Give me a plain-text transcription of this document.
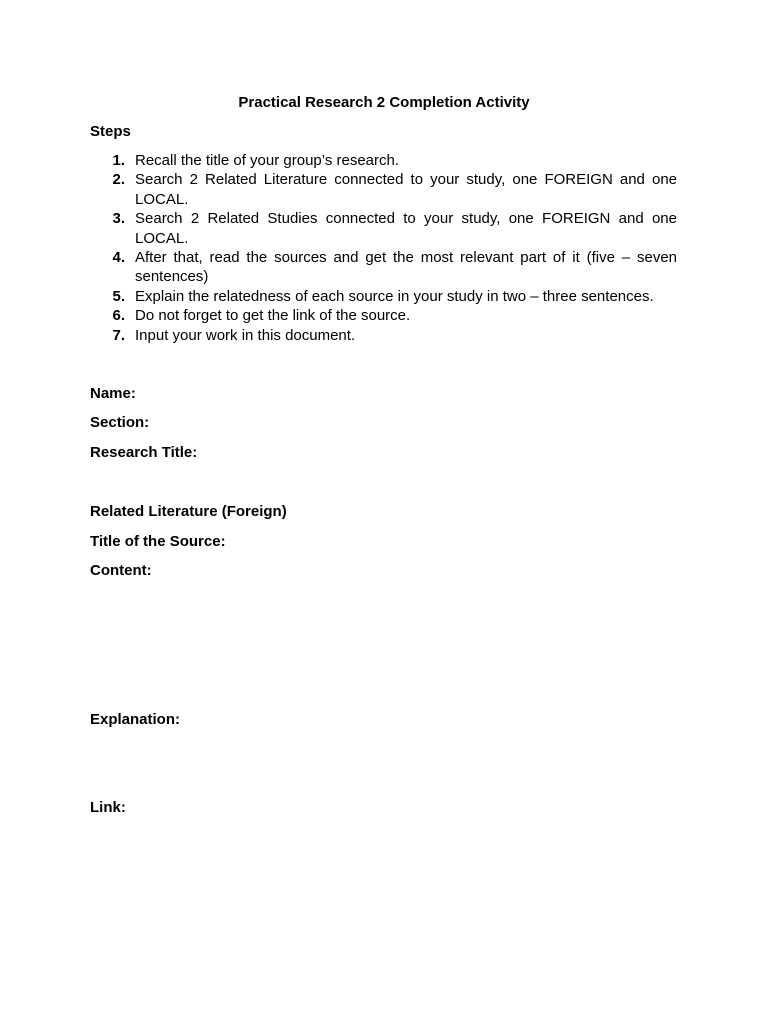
Practical Research 2 Completion Activity
Steps
1. Recall the title of your group’s research.
2. Search 2 Related Literature connected to your study, one FOREIGN and one LOCAL.
3. Search 2 Related Studies connected to your study, one FOREIGN and one LOCAL.
4. After that, read the sources and get the most relevant part of it (five – seven sentences)
5. Explain the relatedness of each source in your study in two – three sentences.
6. Do not forget to get the link of the source.
7. Input your work in this document.
Name:
Section:
Research Title:
Related Literature (Foreign)
Title of the Source:
Content:
Explanation:
Link:
